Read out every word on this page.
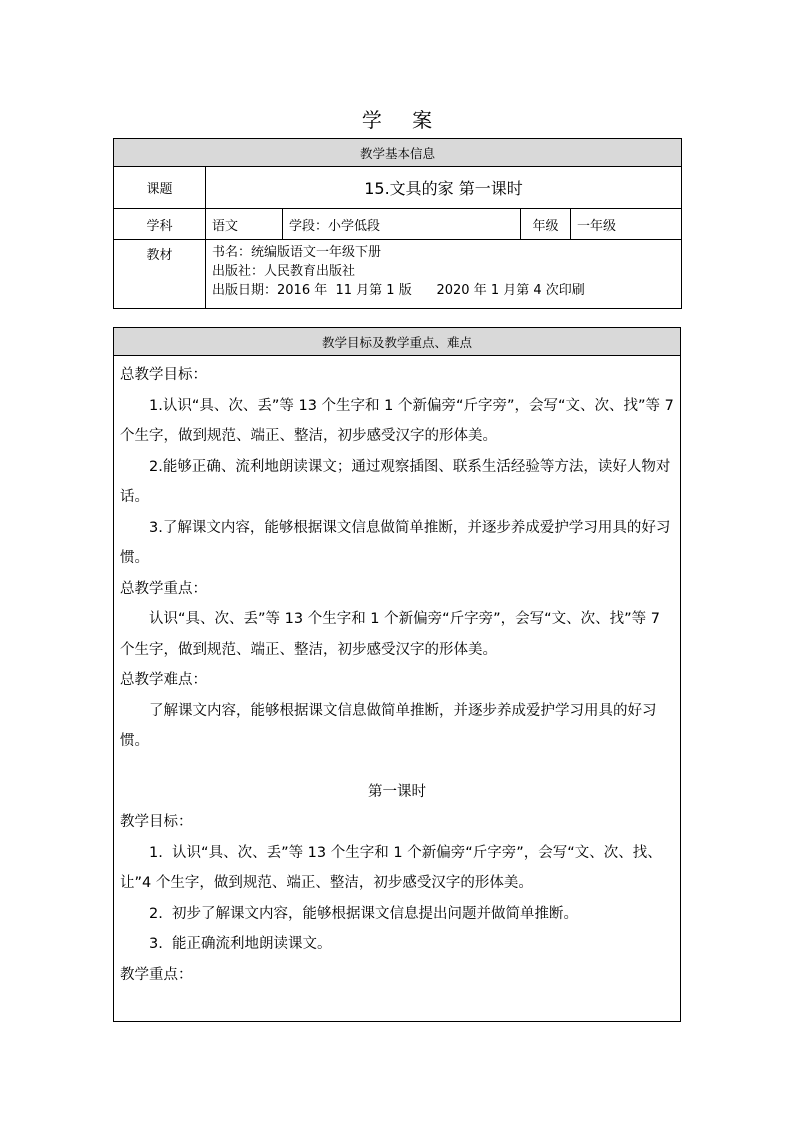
学 案
教学基本信息				
课题	15.文具的家 第一课时			
学科	语文	学段：小学低段	年级	一年级
教材	书名：统编版语文一年级下册
出版社：人民教育出版社
出版日期：2016 年  11 月第 1 版      2020 年 1 月第 4 次印刷			
教学目标及教学重点、难点

总教学目标：

1.认识“具、次、丢”等 13 个生字和 1 个新偏旁“斤字旁”，会写“文、次、找”等 7 个生字，做到规范、端正、整洁，初步感受汉字的形体美。

2.能够正确、流利地朗读课文；通过观察插图、联系生活经验等方法，读好人物对话。

3.了解课文内容，能够根据课文信息做简单推断，并逐步养成爱护学习用具的好习惯。

总教学重点：

认识“具、次、丢”等 13 个生字和 1 个新偏旁“斤字旁”，会写“文、次、找”等 7 个生字，做到规范、端正、整洁，初步感受汉字的形体美。

总教学难点：

了解课文内容，能够根据课文信息做简单推断，并逐步养成爱护学习用具的好习惯。

第一课时

教学目标：

1.  认识“具、次、丢”等 13 个生字和 1 个新偏旁“斤字旁”，会写“文、次、找、让”4 个生字，做到规范、端正、整洁，初步感受汉字的形体美。

2.  初步了解课文内容，能够根据课文信息提出问题并做简单推断。

3.  能正确流利地朗读课文。

教学重点：
